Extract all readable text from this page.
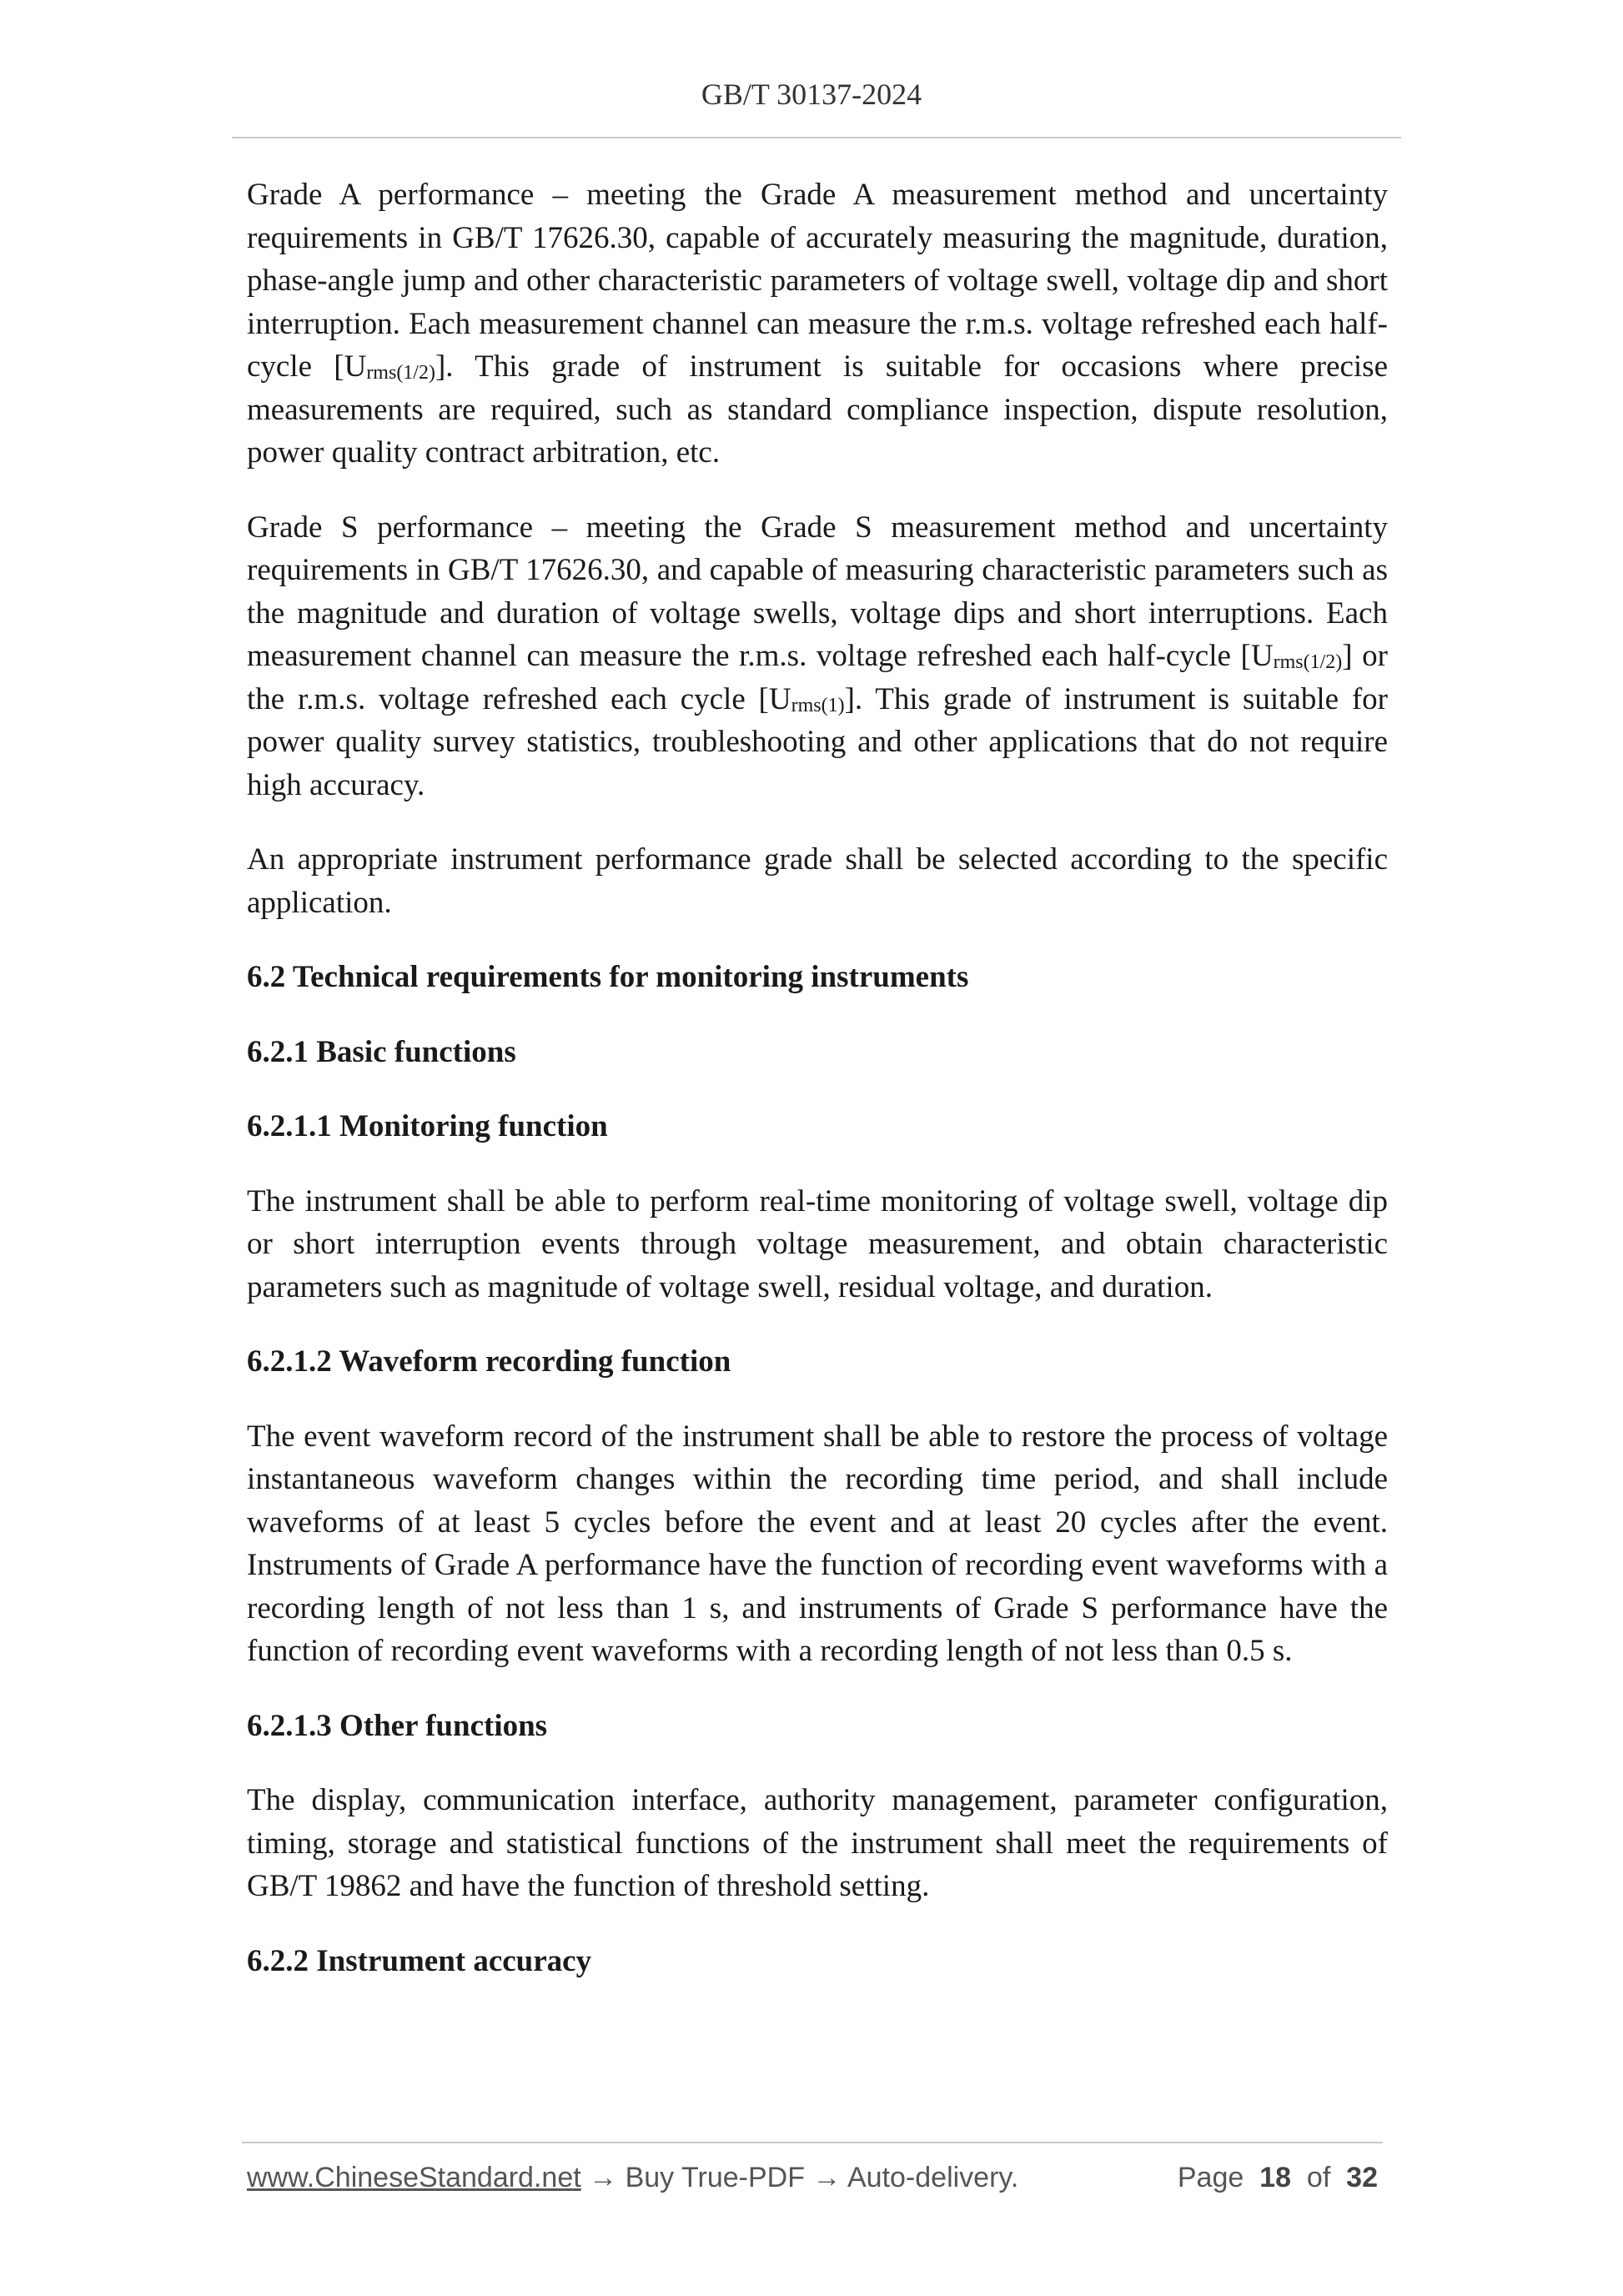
GB/T 30137-2024

Grade A performance – meeting the Grade A measurement method and uncertainty requirements in GB/T 17626.30, capable of accurately measuring the magnitude, duration, phase-angle jump and other characteristic parameters of voltage swell, voltage dip and short interruption. Each measurement channel can measure the r.m.s. voltage refreshed each half-cycle $[U_{rms(1/2)}]$. This grade of instrument is suitable for occasions where precise measurements are required, such as standard compliance inspection, dispute resolution, power quality contract arbitration, etc.

Grade S performance – meeting the Grade S measurement method and uncertainty requirements in GB/T 17626.30, and capable of measuring characteristic parameters such as the magnitude and duration of voltage swells, voltage dips and short interruptions. Each measurement channel can measure the r.m.s. voltage refreshed each half-cycle $[U_{rms(1/2)}]$ or the r.m.s. voltage refreshed each cycle $[U_{rms(1)}]$. This grade of instrument is suitable for power quality survey statistics, troubleshooting and other applications that do not require high accuracy.

An appropriate instrument performance grade shall be selected according to the specific application.

6.2 Technical requirements for monitoring instruments
6.2.1 Basic functions
6.2.1.1 Monitoring function

The instrument shall be able to perform real-time monitoring of voltage swell, voltage dip or short interruption events through voltage measurement, and obtain characteristic parameters such as magnitude of voltage swell, residual voltage, and duration.

6.2.1.2 Waveform recording function

The event waveform record of the instrument shall be able to restore the process of voltage instantaneous waveform changes within the recording time period, and shall include waveforms of at least 5 cycles before the event and at least 20 cycles after the event. Instruments of Grade A performance have the function of recording event waveforms with a recording length of not less than 1 s, and instruments of Grade S performance have the function of recording event waveforms with a recording length of not less than 0.5 s.

6.2.1.3 Other functions

The display, communication interface, authority management, parameter configuration, timing, storage and statistical functions of the instrument shall meet the requirements of GB/T 19862 and have the function of threshold setting.

6.2.2 Instrument accuracy
www.ChineseStandard.net → Buy True-PDF → Auto-delivery.	Page 18 of 32
